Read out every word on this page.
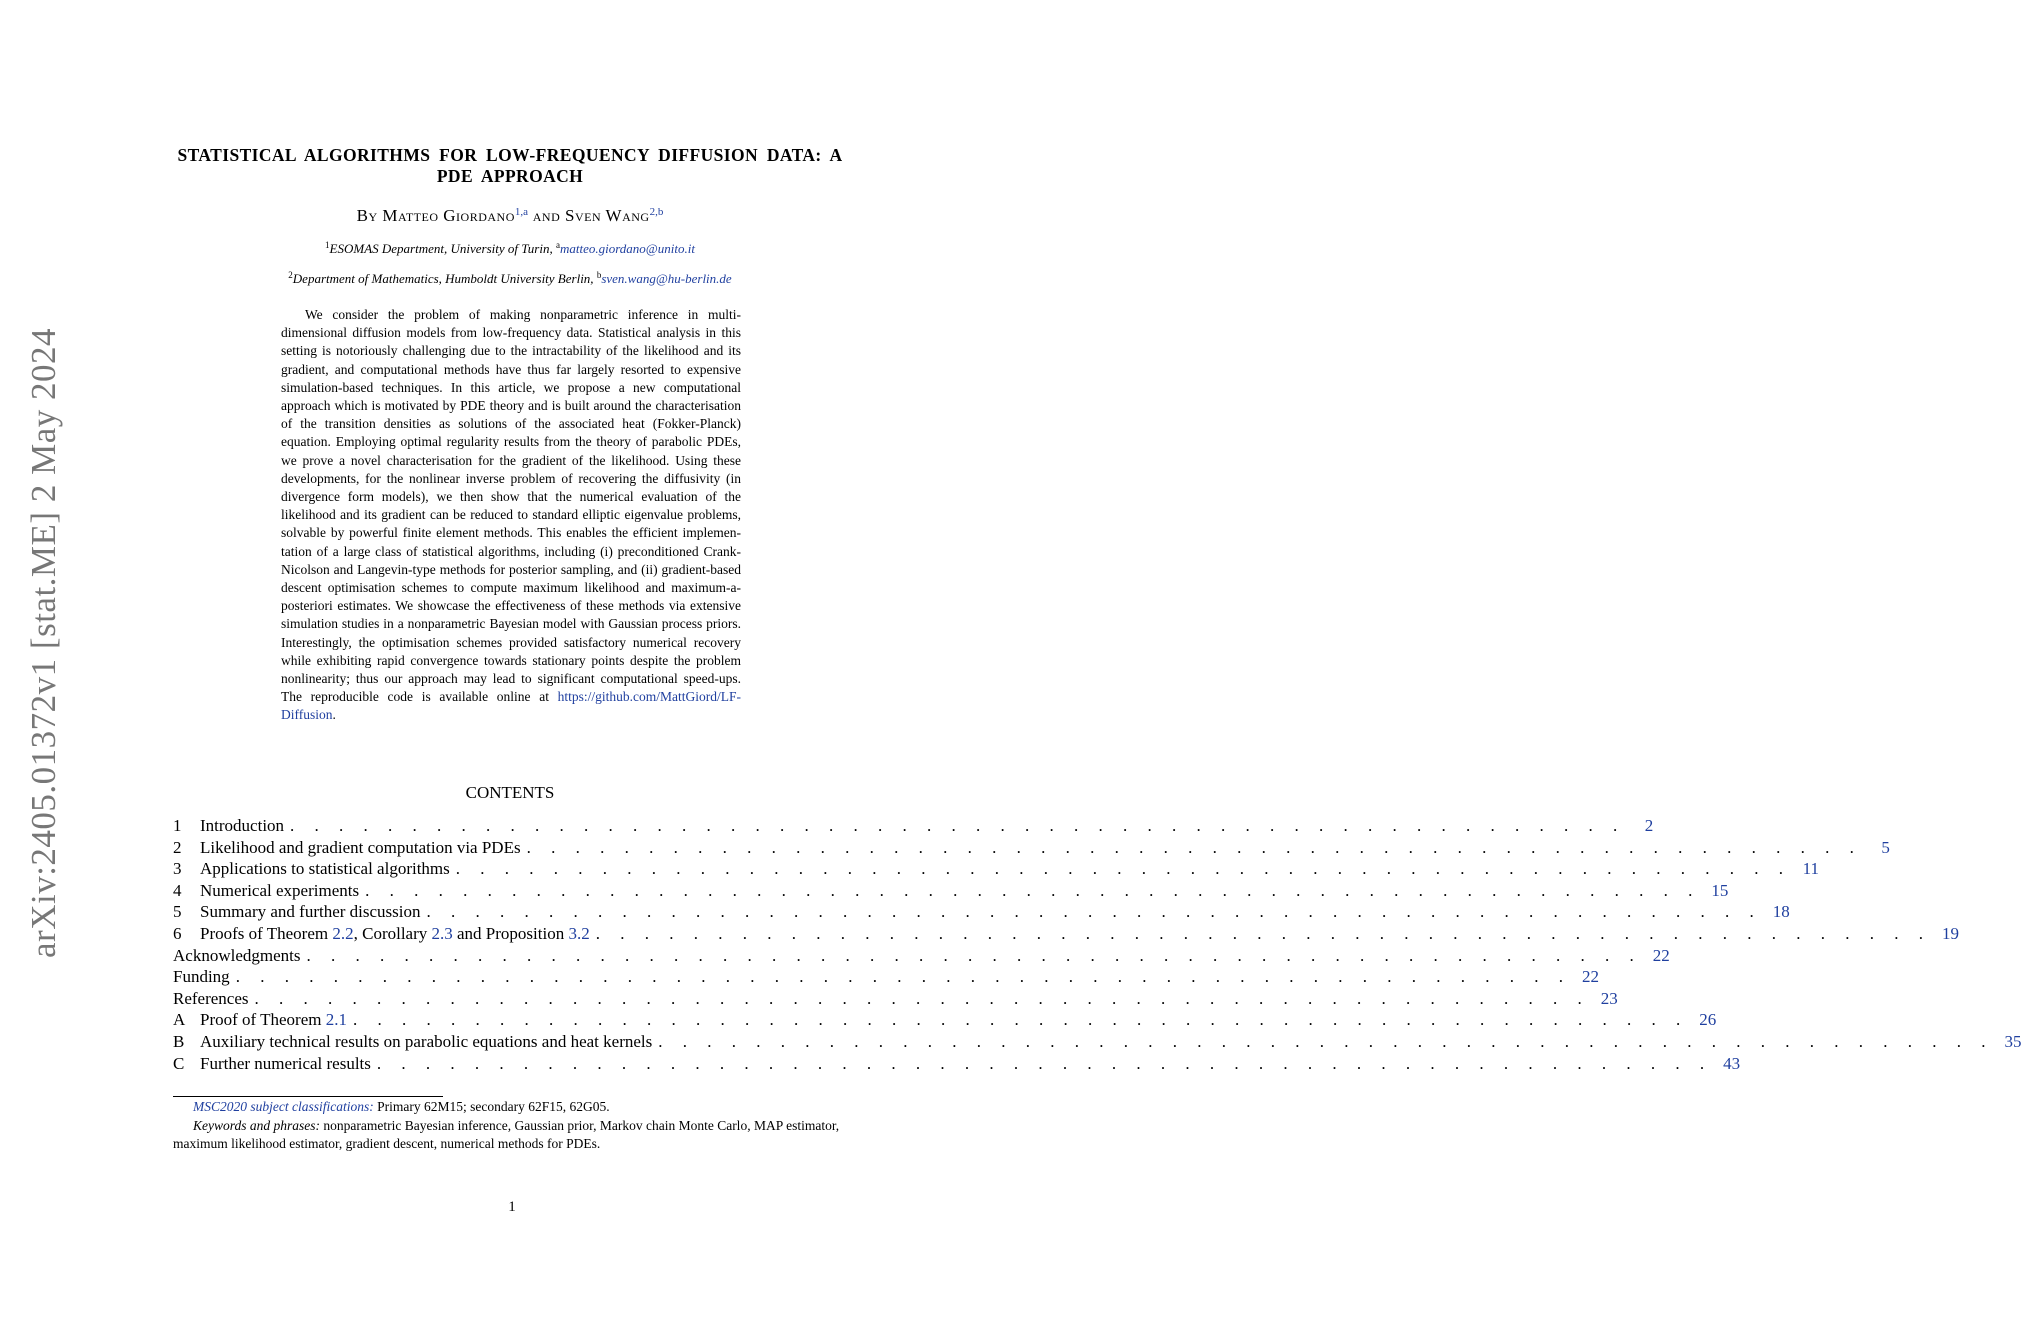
arXiv:2405.01372v1 [stat.ME] 2 May 2024
STATISTICAL ALGORITHMS FOR LOW-FREQUENCY DIFFUSION DATA: A
PDE APPROACH
By Matteo Giordano$^{1,a}$ and Sven Wang$^{2,b}$
$^1$ESOMAS Department, University of Turin, $^a$matteo.giordano@unito.it
$^2$Department of Mathematics, Humboldt University Berlin, $^b$sven.wang@hu-berlin.de

We consider the problem of making nonparametric inference in multidimensional diffusion models from low-frequency data. Statistical analysis in this setting is notoriously challenging due to the intractability of the likelihood and its gradient, and computational methods have thus far largely resorted to expensive simulation-based techniques. In this article, we propose a new computational approach which is motivated by PDE theory and is built around the characterisation of the transition densities as solutions of the associated heat (Fokker-Planck) equation. Employing optimal regularity results from the theory of parabolic PDEs, we prove a novel characterisation for the gradient of the likelihood. Using these developments, for the nonlinear inverse problem of recovering the diffusivity (in divergence form models), we then show that the numerical evaluation of the likelihood and its gradient can be reduced to standard elliptic eigenvalue problems, solvable by powerful finite element methods. This enables the efficient implementation of a large class of statistical algorithms, including (i) preconditioned Crank-Nicolson and Langevin-type methods for posterior sampling, and (ii) gradient-based descent optimisation schemes to compute maximum likelihood and maximum-a-posteriori estimates. We showcase the effectiveness of these methods via extensive simulation studies in a nonparametric Bayesian model with Gaussian process priors. Interestingly, the optimisation schemes provided satisfactory numerical recovery while exhibiting rapid convergence towards stationary points despite the problem nonlinearity; thus our approach may lead to significant computational speed-ups. The reproducible code is available online at https://github.com/MattGiord/LF-Diffusion.

CONTENTS
1	Introduction . . . . . . . . . . . . . . . . . . . . . . . . . . . . . . . . . . . . . . . . . . . . . . . . . . . . . . .	2
2	Likelihood and gradient computation via PDEs . . . . . . . . . . . . . . . . . . . . . . . . . . . . . . . . . . . . . . . . . . . . . . . . . . . . . . .	5
3	Applications to statistical algorithms . . . . . . . . . . . . . . . . . . . . . . . . . . . . . . . . . . . . . . . . . . . . . . . . . . . . . . . 11
4	Numerical experiments . . . . . . . . . . . . . . . . . . . . . . . . . . . . . . . . . . . . . . . . . . . . . . . . . . . . . . . 15
5	Summary and further discussion . . . . . . . . . . . . . . . . . . . . . . . . . . . . . . . . . . . . . . . . . . . . . . . . . . . . . . . 18
6	Proofs of Theorem 2.2, Corollary 2.3 and Proposition 3.2 . . . . . . . . . . . . . . . . . . . . . . . . . . . . . . . . . . . . . . . . . . . . . . . . . . . . . . . 19
Acknowledgments . . . . . . . . . . . . . . . . . . . . . . . . . . . . . . . . . . . . . . . . . . . . . . . . . . . . . . . 22
Funding . . . . . . . . . . . . . . . . . . . . . . . . . . . . . . . . . . . . . . . . . . . . . . . . . . . . . . . 22
References . . . . . . . . . . . . . . . . . . . . . . . . . . . . . . . . . . . . . . . . . . . . . . . . . . . . . . . 23
A Proof of Theorem 2.1 . . . . . . . . . . . . . . . . . . . . . . . . . . . . . . . . . . . . . . . . . . . . . . . . . . . . . . . 26
B Auxiliary technical results on parabolic equations and heat kernels . . . . . . . . . . . . . . . . . . . . . . . . . . . . . . . . . . . . . . . . . . . . . . . . . . . . . . . 35
C Further numerical results . . . . . . . . . . . . . . . . . . . . . . . . . . . . . . . . . . . . . . . . . . . . . . . . . . . . . . . 43

MSC2020 subject classifications: Primary 62M15; secondary 62F15, 62G05.

Keywords and phrases: nonparametric Bayesian inference, Gaussian prior, Markov chain Monte Carlo, MAP estimator, maximum likelihood estimator, gradient descent, numerical methods for PDEs.

1
